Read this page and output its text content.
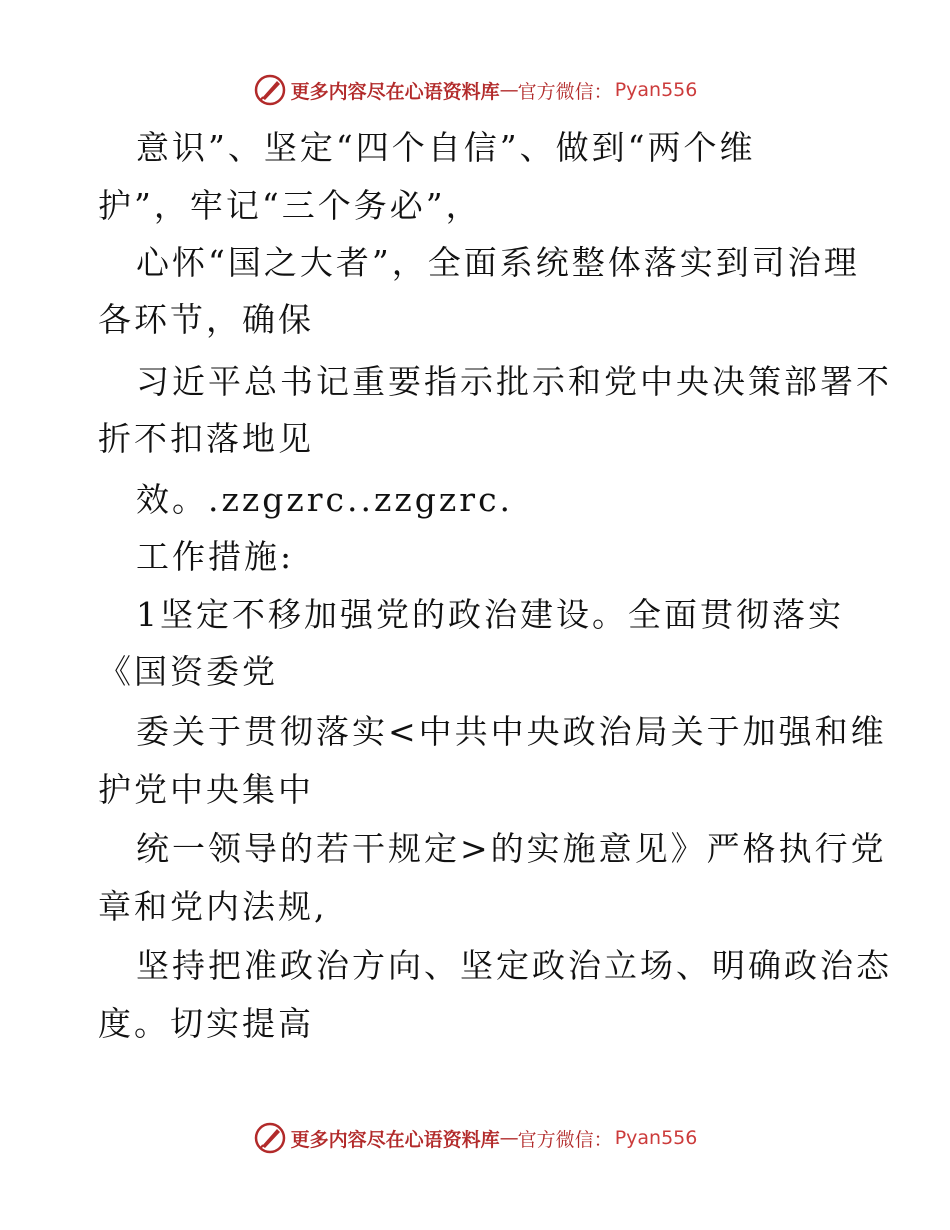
更多内容尽在心语资料库 — 官方微信： Pyan556
意识”、坚定“四个自信”、做到“两个维
护”，牢记“三个务必”，
心怀“国之大者”，全面系统整体落实到司治理
各环节，确保
习近平总书记重要指示批示和党中央决策部署不
折不扣落地见
效。.zzgzrc..zzgzrc.
工作措施:
1坚定不移加强党的政治建设。全面贯彻落实
《国资委党
委关于贯彻落实<中共中央政治局关于加强和维
护党中央集中
统一领导的若干规定>的实施意见》严格执行党
章和党内法规,
坚持把准政治方向、坚定政治立场、明确政治态
度。切实提高
更多内容尽在心语资料库 — 官方微信： Pyan556
